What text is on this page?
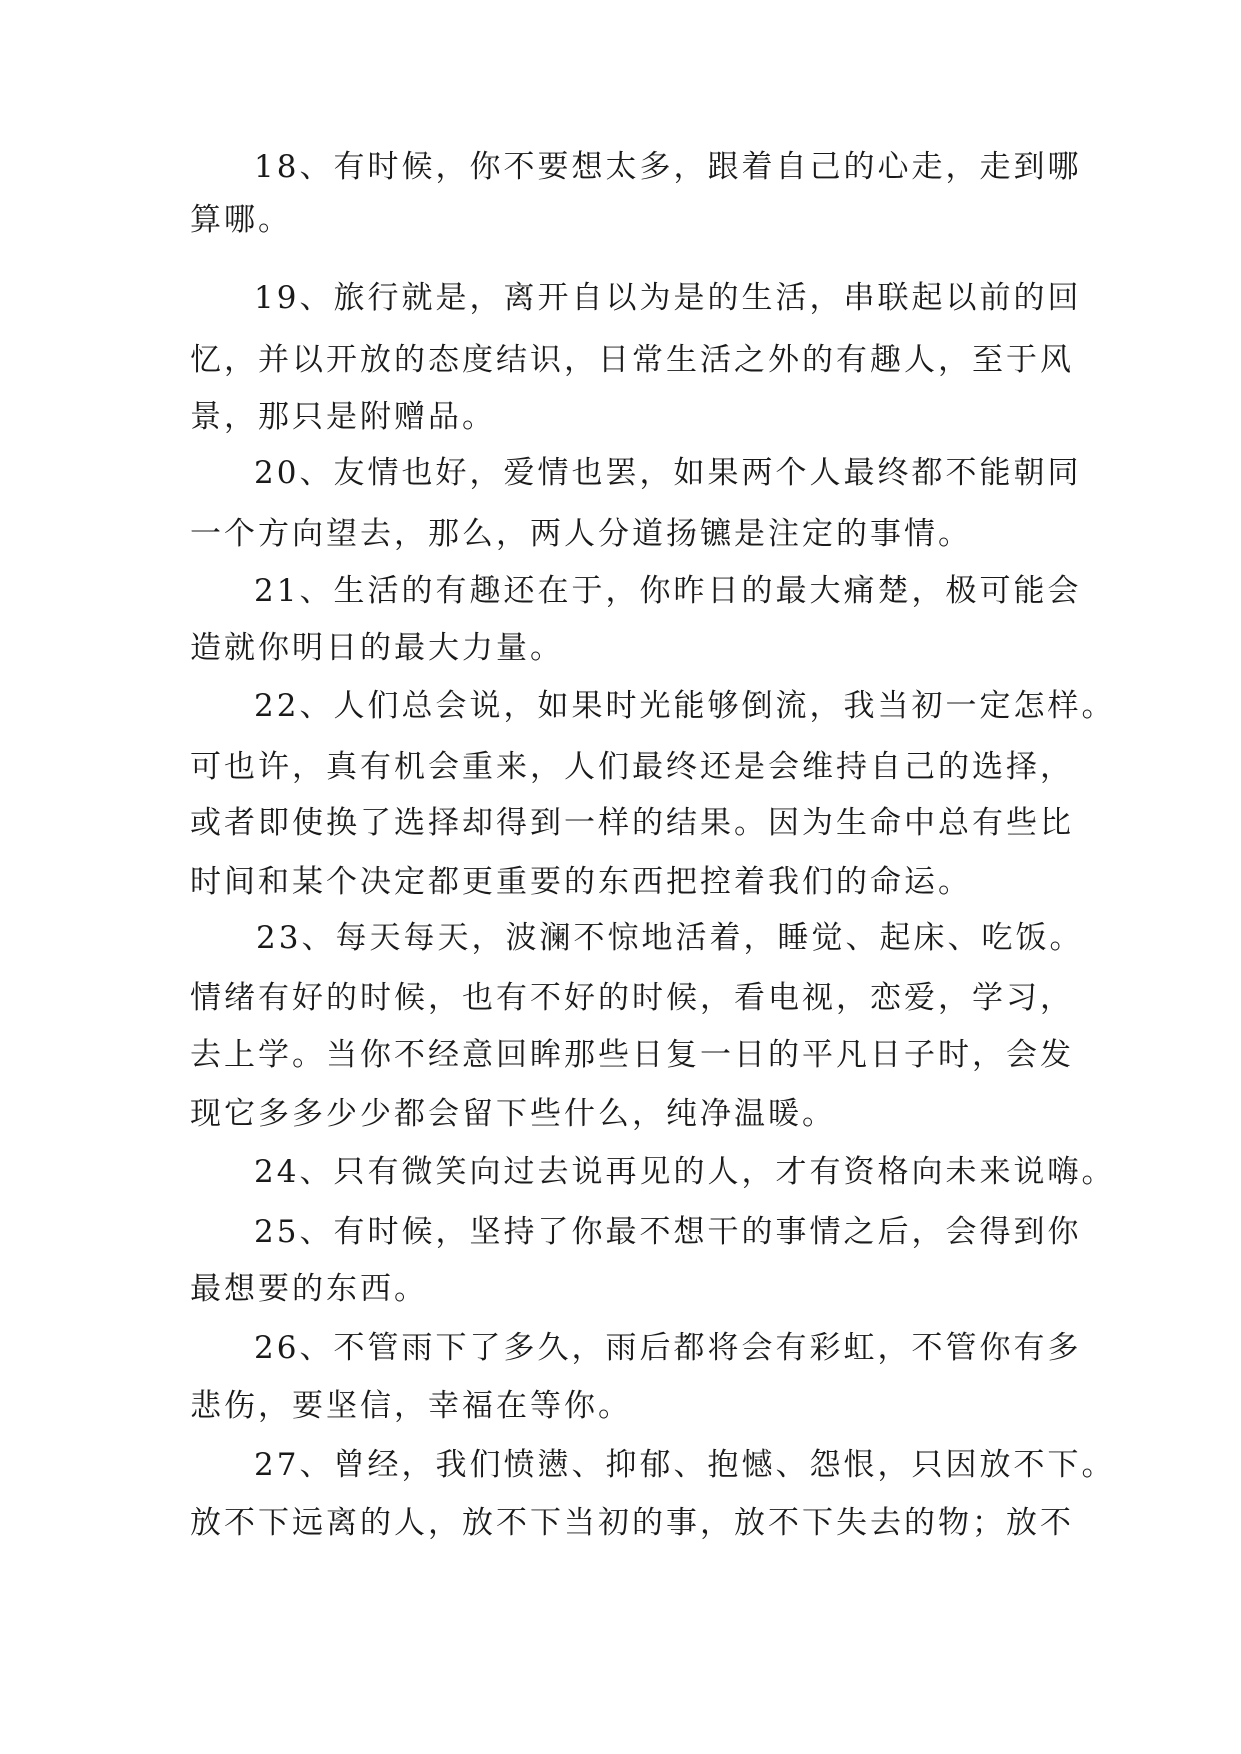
18、有时候，你不要想太多，跟着自己的心走，走到哪
算哪。
19、旅行就是，离开自以为是的生活，串联起以前的回
忆，并以开放的态度结识，日常生活之外的有趣人，至于风
景，那只是附赠品。
20、友情也好，爱情也罢，如果两个人最终都不能朝同
一个方向望去，那么，两人分道扬镳是注定的事情。
21、生活的有趣还在于，你昨日的最大痛楚，极可能会
造就你明日的最大力量。
22、人们总会说，如果时光能够倒流，我当初一定怎样。
可也许，真有机会重来，人们最终还是会维持自己的选择，
或者即使换了选择却得到一样的结果。因为生命中总有些比
时间和某个决定都更重要的东西把控着我们的命运。
23、每天每天，波澜不惊地活着，睡觉、起床、吃饭。
情绪有好的时候，也有不好的时候，看电视，恋爱，学习，
去上学。当你不经意回眸那些日复一日的平凡日子时，会发
现它多多少少都会留下些什么，纯净温暖。
24、只有微笑向过去说再见的人，才有资格向未来说嗨。
25、有时候，坚持了你最不想干的事情之后，会得到你
最想要的东西。
26、不管雨下了多久，雨后都将会有彩虹，不管你有多
悲伤，要坚信，幸福在等你。
27、曾经，我们愤懑、抑郁、抱憾、怨恨，只因放不下。
放不下远离的人，放不下当初的事，放不下失去的物；放不
